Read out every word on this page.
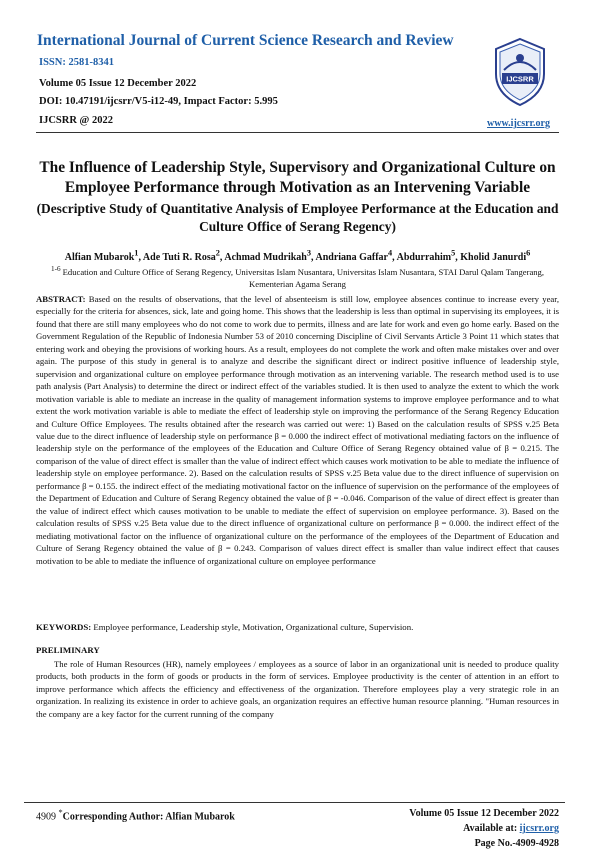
International Journal of Current Science Research and Review
ISSN: 2581-8341
Volume 05 Issue 12 December 2022
DOI: 10.47191/ijcsrr/V5-i12-49, Impact Factor: 5.995
IJCSRR @ 2022
IJCSRR
www.ijcsrr.org
The Influence of Leadership Style, Supervisory and Organizational Culture on Employee Performance through Motivation as an Intervening Variable
(Descriptive Study of Quantitative Analysis of Employee Performance at the Education and Culture Office of Serang Regency)
Alfian Mubarok$^1$, Ade Tuti R. Rosa$^2$, Achmad Mudrikah$^3$, Andriana Gaffar$^4$, Abdurrahim$^5$, Kholid Janurdi$^6$
$^{1-6}$ Education and Culture Office of Serang Regency, Universitas Islam Nusantara, Universitas Islam Nusantara, STAI Darul Qalam Tangerang, Kementerian Agama Serang
ABSTRACT: Based on the results of observations, that the level of absenteeism is still low, employee absences continue to increase every year, especially for the criteria for absences, sick, late and going home. This shows that the leadership is less than optimal in supervising its employees, it is found that there are still many employees who do not come to work due to permits, illness and are late for work and even go home early. Based on the Government Regulation of the Republic of Indonesia Number 53 of 2010 concerning Discipline of Civil Servants Article 3 Point 11 which states that entering work and obeying the provisions of working hours. As a result, employees do not complete the work and often make mistakes over and over again. The purpose of this study in general is to analyze and describe the significant direct or indirect positive influence of leadership style, supervision and organizational culture on employee performance through motivation as an intervening variable. The research method used is to use path analysis (Part Analysis) to determine the direct or indirect effect of the variables studied. It is then used to analyze the extent to which the work motivation variable is able to mediate an increase in the quality of management information systems to improve employee performance and to what extent the work motivation variable is able to mediate the effect of leadership style on improving the performance of the Serang Regency Education and Culture Office Employees. The results obtained after the research was carried out were: 1) Based on the calculation results of SPSS v.25 Beta value due to the direct influence of leadership style on performance β = 0.000 the indirect effect of motivational mediating factors on the influence of leadership style on the performance of the employees of the Education and Culture Office of Serang Regency obtained value of β = 0.215. The comparison of the value of direct effect is smaller than the value of indirect effect which causes work motivation to be able to mediate the influence of leadership style on employee performance. 2). Based on the calculation results of SPSS v.25 Beta value due to the direct influence of supervision on performance β = 0.155. the indirect effect of the mediating motivational factor on the influence of supervision on the performance of the employees of the Department of Education and Culture of Serang Regency obtained the value of β = -0.046. Comparison of the value of direct effect is greater than the value of indirect effect which causes motivation to be unable to mediate the effect of supervision on employee performance. 3). Based on the calculation results of SPSS v.25 Beta value due to the direct influence of organizational culture on performance β = 0.000. the indirect effect of the mediating motivational factor on the influence of organizational culture on the performance of the employees of the Department of Education and Culture of Serang Regency obtained the value of β = 0.243. Comparison of values direct effect is smaller than value indirect effect that causes motivation to be able to mediate the influence of organizational culture on employee performance
KEYWORDS: Employee performance, Leadership style, Motivation, Organizational culture, Supervision.
PRELIMINARY
The role of Human Resources (HR), namely employees / employees as a source of labor in an organizational unit is needed to produce quality products, both products in the form of goods or products in the form of services. Employee productivity is the center of attention in an effort to improve performance which affects the efficiency and effectiveness of the organization. Therefore employees play a very strategic role in an organization. In realizing its existence in order to achieve goals, an organization requires an effective human resource planning. "Human resources in the company are a key factor for the current running of the company
4909 *Corresponding Author: Alfian Mubarok	Volume 05 Issue 12 December 2022
Available at: ijcsrr.org
Page No.-4909-4928
